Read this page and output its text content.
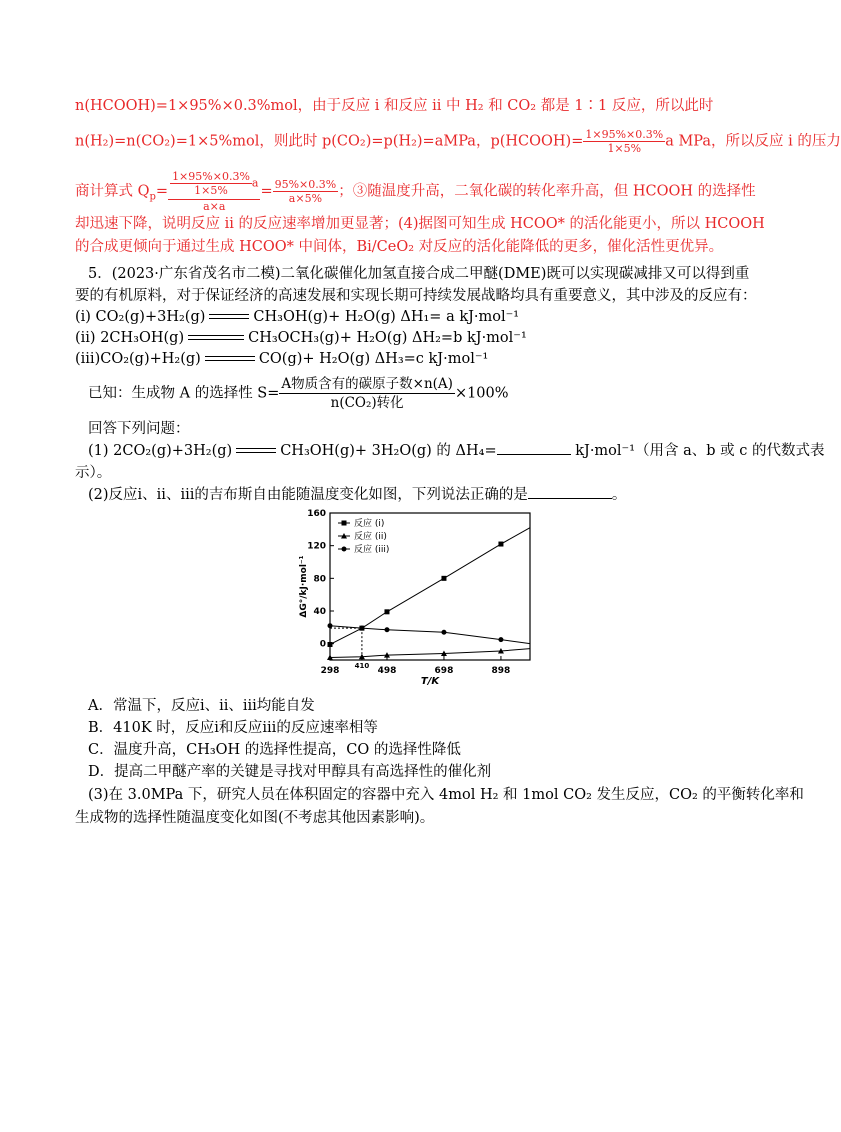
n(HCOOH)=1×95%×0.3%mol，由于反应 i 和反应 ii 中 H₂ 和 CO₂ 都是 1∶1 反应，所以此时
n(H₂)=n(CO₂)=1×5%mol，则此时 p(CO₂)=p(H₂)=aMPa，p(HCOOH)= $\frac{1\times 95\%\times 0.3\%}{1\times 5\%}$ a MPa，所以反应 i 的压力
商计算式 $Q_p= \frac{\frac{1\times 95\%\times 0.3\%}{1\times 5\%} a}{a\times a} = \frac{95\%\times 0.3\%}{a\times 5\%}$ ；③随温度升高，二氧化碳的转化率升高，但 HCOOH 的选择性
却迅速下降，说明反应 ii 的反应速率增加更显著；(4)据图可知生成 HCOO* 的活化能更小，所以 HCOOH
的合成更倾向于通过生成 HCOO* 中间体，Bi/CeO₂ 对反应的活化能降低的更多，催化活性更优异。
5．(2023·广东省茂名市二模)二氧化碳催化加氢直接合成二甲醚(DME)既可以实现碳减排又可以得到重
要的有机原料，对于保证经济的高速发展和实现长期可持续发展战略均具有重要意义，其中涉及的反应有：
(ⅰ) CO₂(g)+3H₂(g)	CH₃OH(g)+ H₂O(g) ΔH₁= a kJ·mol⁻¹
(ⅱ) 2CH₃OH(g)	CH₃OCH₃(g)+ H₂O(g) ΔH₂=b kJ·mol⁻¹
(ⅲ)CO₂(g)+H₂(g)	CO(g)+ H₂O(g) ΔH₃=c kJ·mol⁻¹
已知：生成物 A 的选择性 $S= \frac{\text{A物质含有的碳原子数×n(A)}}{\text{n(CO₂)转化}} \times 100\%$
回答下列问题：
(1) 2CO₂(g)+3H₂(g)	CH₃OH(g)+ 3H₂O(g) 的 ΔH₄=	kJ·mol⁻¹（用含 a、b 或 c 的代数式表
示）。
(2)反应ⅰ、ⅱ、ⅲ的吉布斯自由能随温度变化如图，下列说法正确的是	。
0
40
80
120
160
298 410 498	698	898
T/K
ΔG°/kJ·mol⁻¹
反应 (i)
反应 (ii)
反应 (iii)
A．常温下，反应ⅰ、ⅱ、ⅲ均能自发
B．410K 时，反应ⅰ和反应ⅲ的反应速率相等
C．温度升高，CH₃OH 的选择性提高，CO 的选择性降低
D．提高二甲醚产率的关键是寻找对甲醇具有高选择性的催化剂
(3)在 3.0MPa 下，研究人员在体积固定的容器中充入 4mol H₂ 和 1mol CO₂ 发生反应，CO₂ 的平衡转化率和
生成物的选择性随温度变化如图(不考虑其他因素影响)。
